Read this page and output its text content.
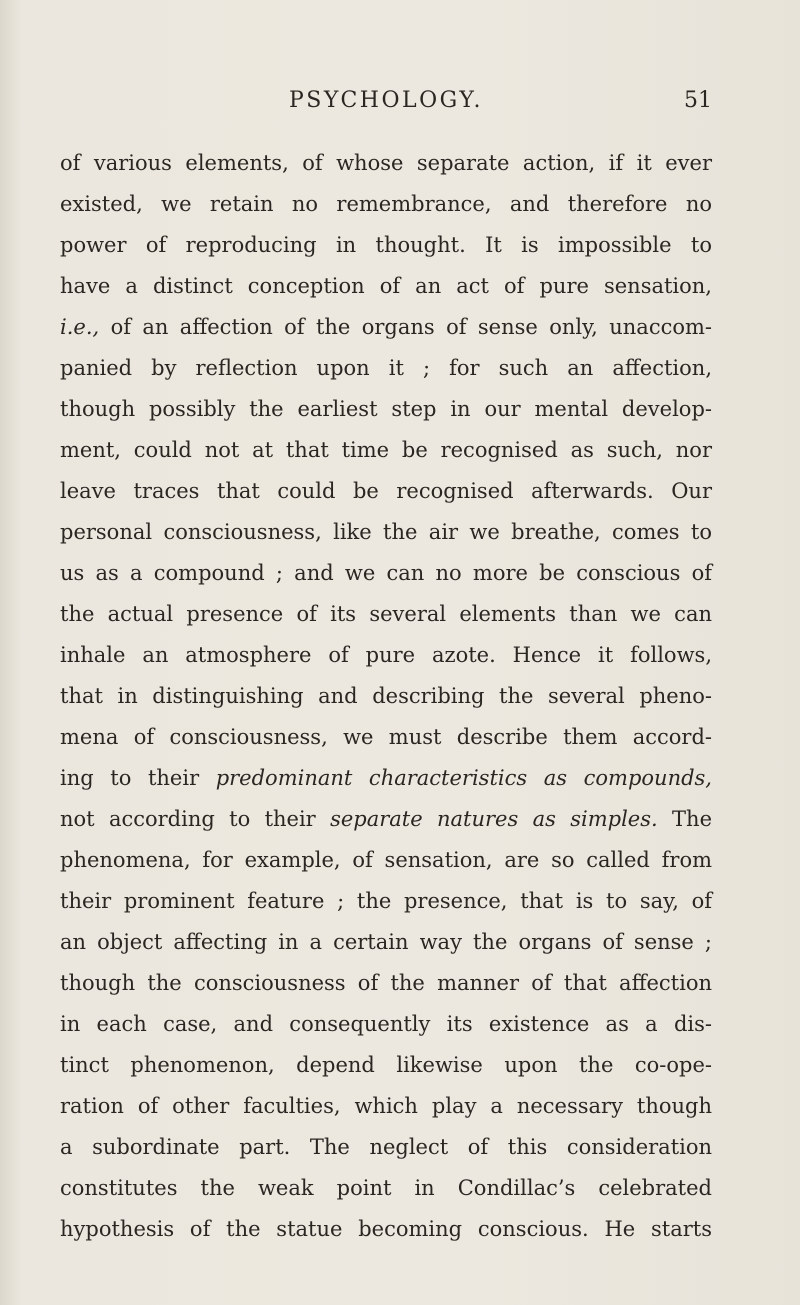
PSYCHOLOGY.	51
of various elements, of whose separate action, if it ever
existed, we retain no remembrance, and therefore no
power of reproducing in thought. It is impossible to
have a distinct conception of an act of pure sensation,
i.e., of an affection of the organs of sense only, unaccom-
panied by reflection upon it ; for such an affection,
though possibly the earliest step in our mental develop-
ment, could not at that time be recognised as such, nor
leave traces that could be recognised afterwards. Our
personal consciousness, like the air we breathe, comes to
us as a compound ; and we can no more be conscious of
the actual presence of its several elements than we can
inhale an atmosphere of pure azote. Hence it follows,
that in distinguishing and describing the several pheno-
mena of consciousness, we must describe them accord-
ing to their predominant characteristics as compounds,
not according to their separate natures as simples. The
phenomena, for example, of sensation, are so called from
their prominent feature ; the presence, that is to say, of
an object affecting in a certain way the organs of sense ;
though the consciousness of the manner of that affection
in each case, and consequently its existence as a dis-
tinct phenomenon, depend likewise upon the co-ope-
ration of other faculties, which play a necessary though
a subordinate part. The neglect of this consideration
constitutes the weak point in Condillac’s celebrated
hypothesis of the statue becoming conscious. He starts
